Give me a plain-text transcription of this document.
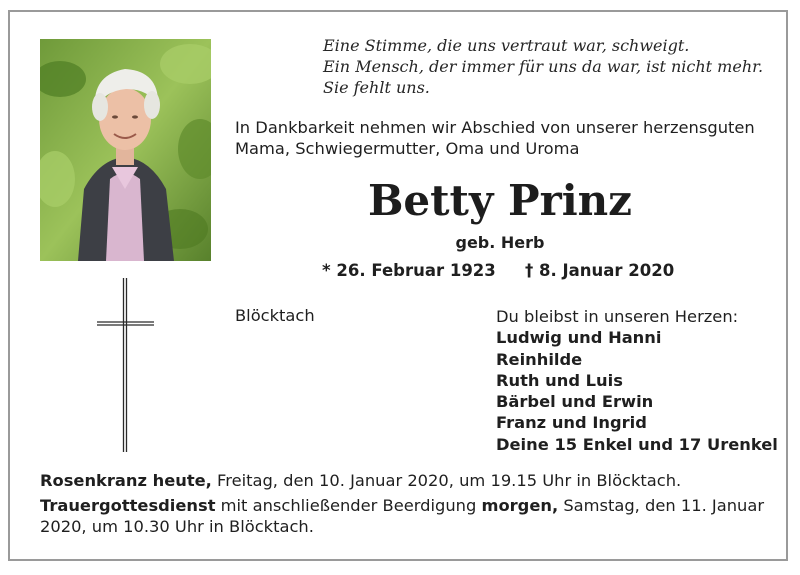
Eine Stimme, die uns vertraut war, schweigt.
Ein Mensch, der immer für uns da war, ist nicht mehr.
Sie fehlt uns.
In Dankbarkeit nehmen wir Abschied von unserer herzensguten
Mama, Schwiegermutter, Oma und Uroma
Betty Prinz
geb. Herb
* 26. Februar 1923 † 8. Januar 2020
Blöcktach	Du bleibst in unseren Herzen:
Ludwig und Hanni
Reinhilde
Ruth und Luis
Bärbel und Erwin
Franz und Ingrid
Deine 15 Enkel und 17 Urenkel

Rosenkranz heute, Freitag, den 10. Januar 2020, um 19.15 Uhr in Blöcktach.

Trauergottesdienst mit anschließender Beerdigung morgen, Samstag, den 11. Januar 2020, um 10.30 Uhr in Blöcktach.
